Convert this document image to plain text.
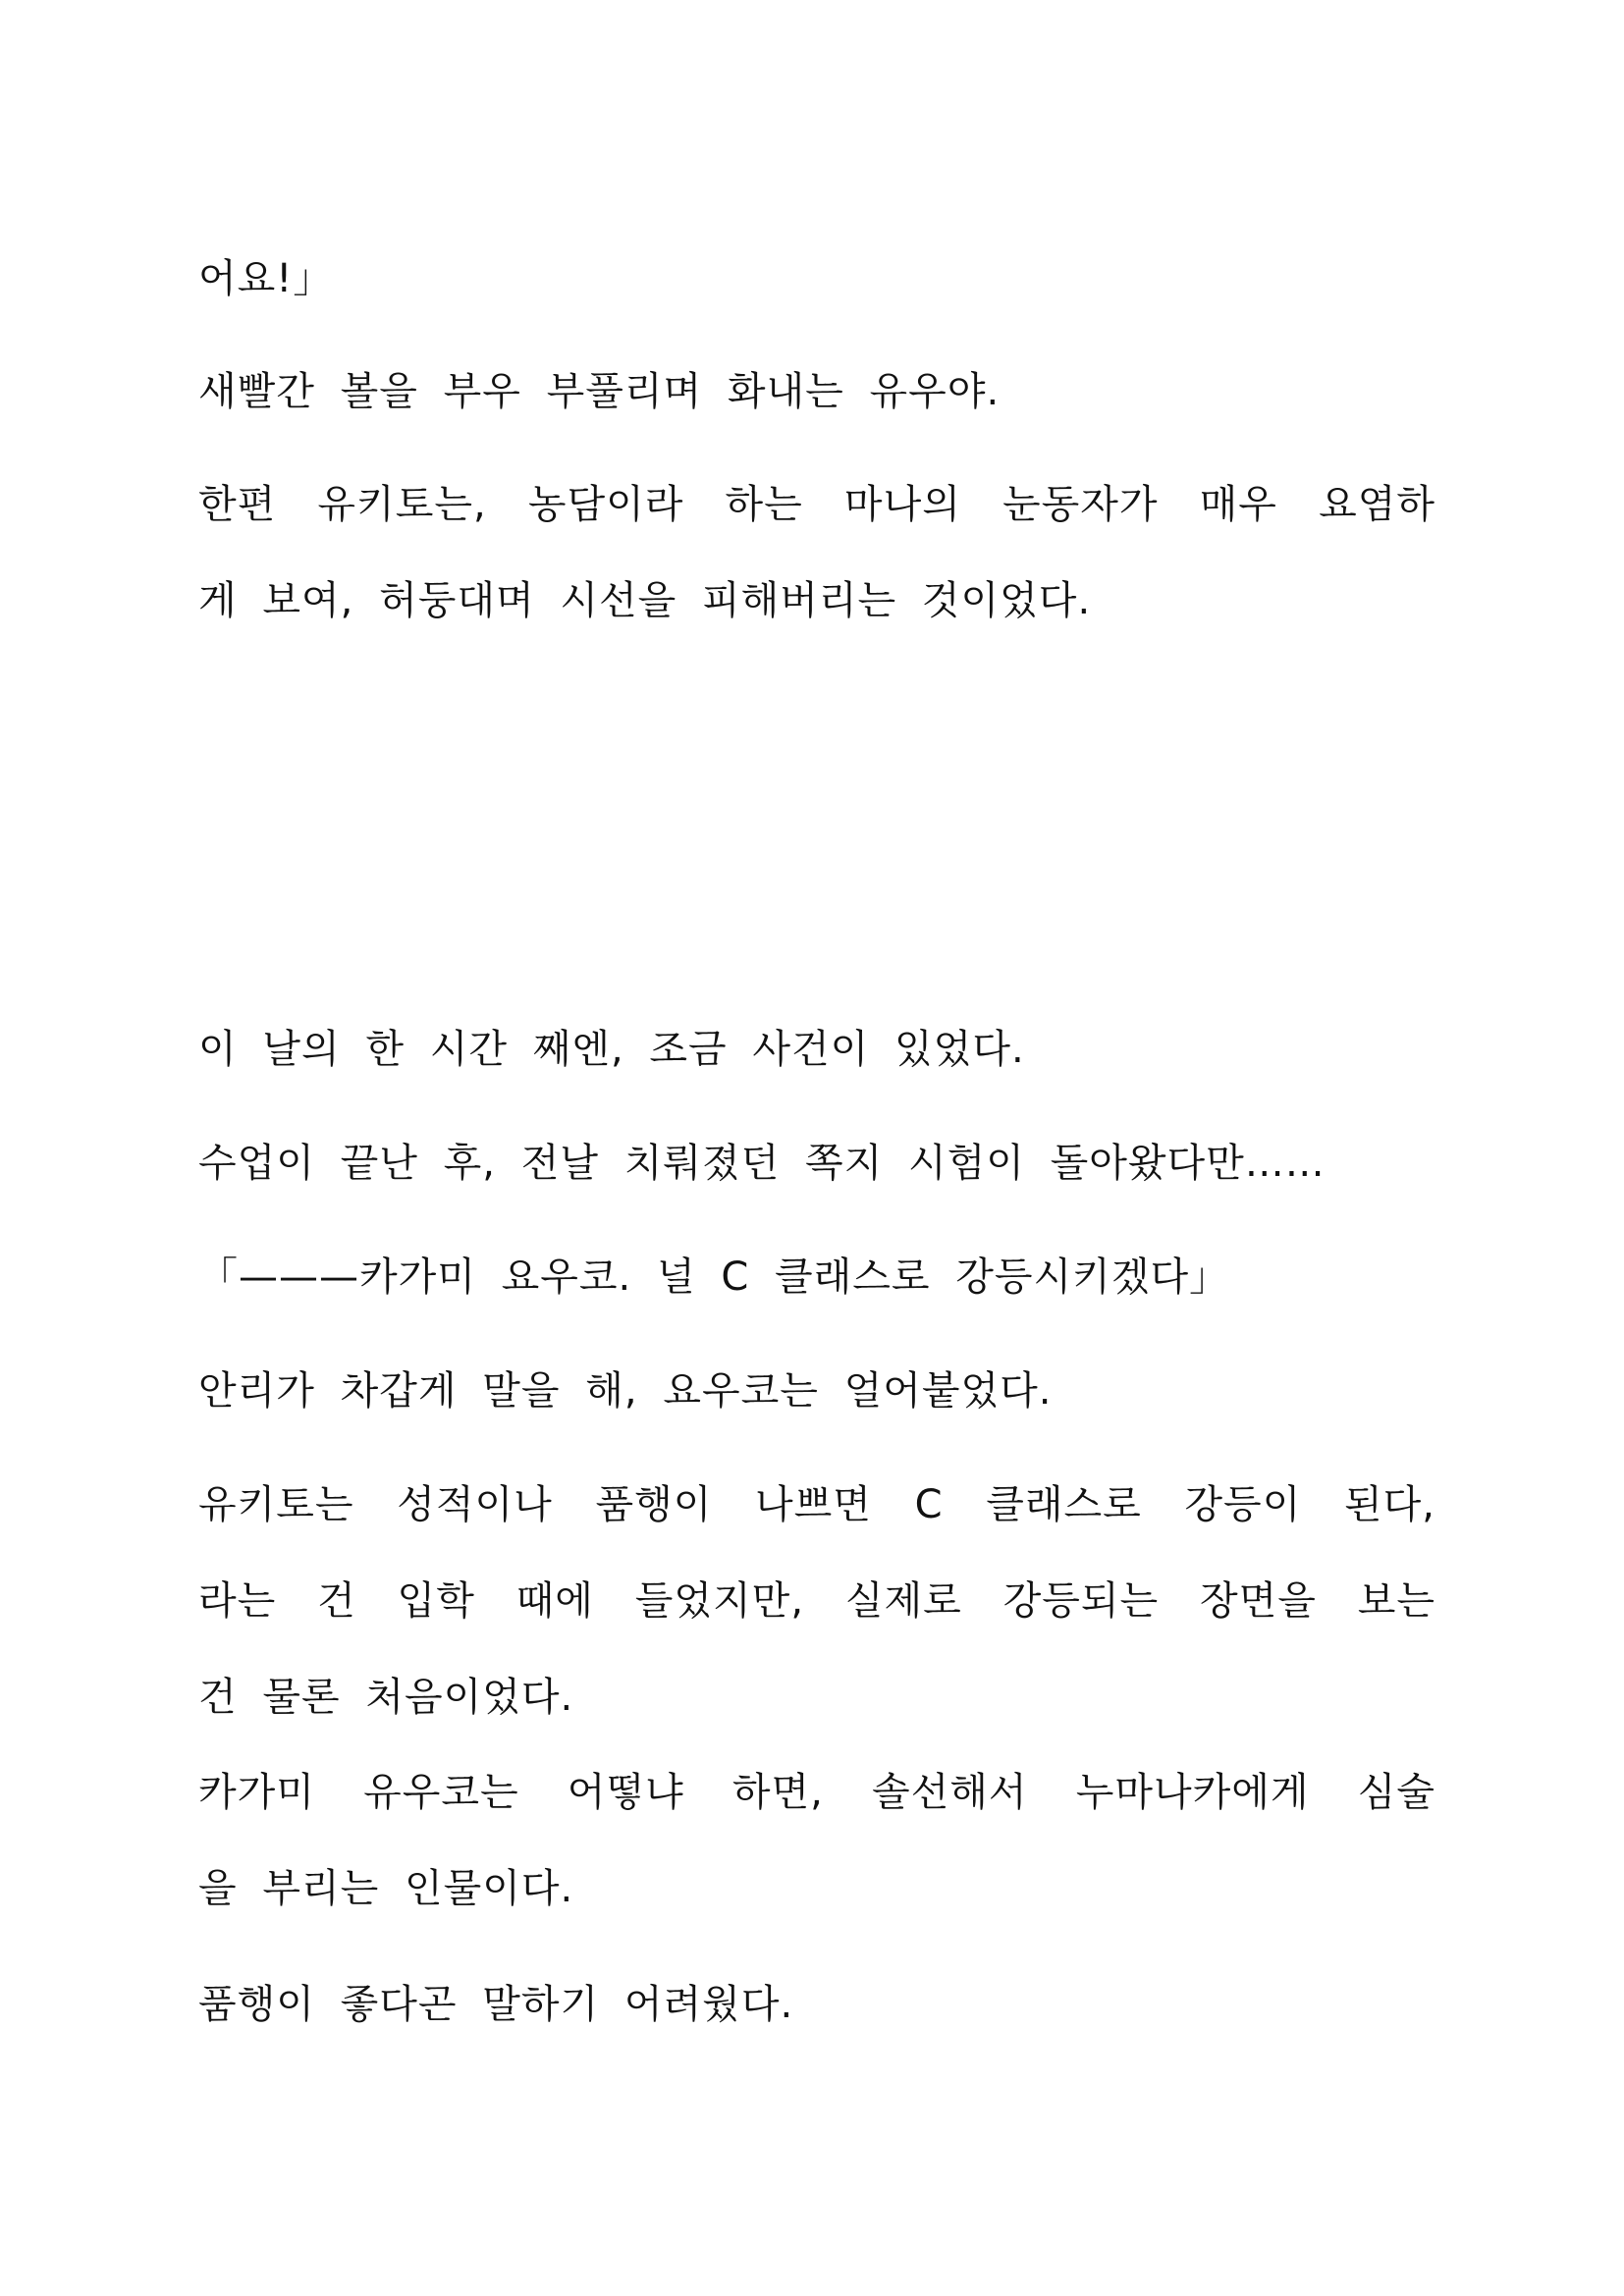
어요!」

새빨간 볼을 부우 부풀리며 화내는 유우야.

한편 유키토는, 농담이라 하는 마나의 눈동자가 매우 요염하
게 보여, 허둥대며 시선을 피해버리는 것이었다.

이 날의 한 시간 째엔, 조금 사건이 있었다.

수업이 끝난 후, 전날 치뤄졌던 쪽지 시험이 돌아왔다만……

「———카가미 요우코. 널 C 클래스로 강등시키겠다」

안리가 차갑게 말을 해, 요우코는 얼어붙었다.

유키토는 성적이나 품행이 나쁘면 C 클래스로 강등이 된다,
라는 건 입학 때에 들었지만, 실제로 강등되는 장면을 보는
건 물론 처음이었다.

카가미 유우코는 어떻냐 하면, 솔선해서 누마나카에게 심술
을 부리는 인물이다.

품행이 좋다곤 말하기 어려웠다.
